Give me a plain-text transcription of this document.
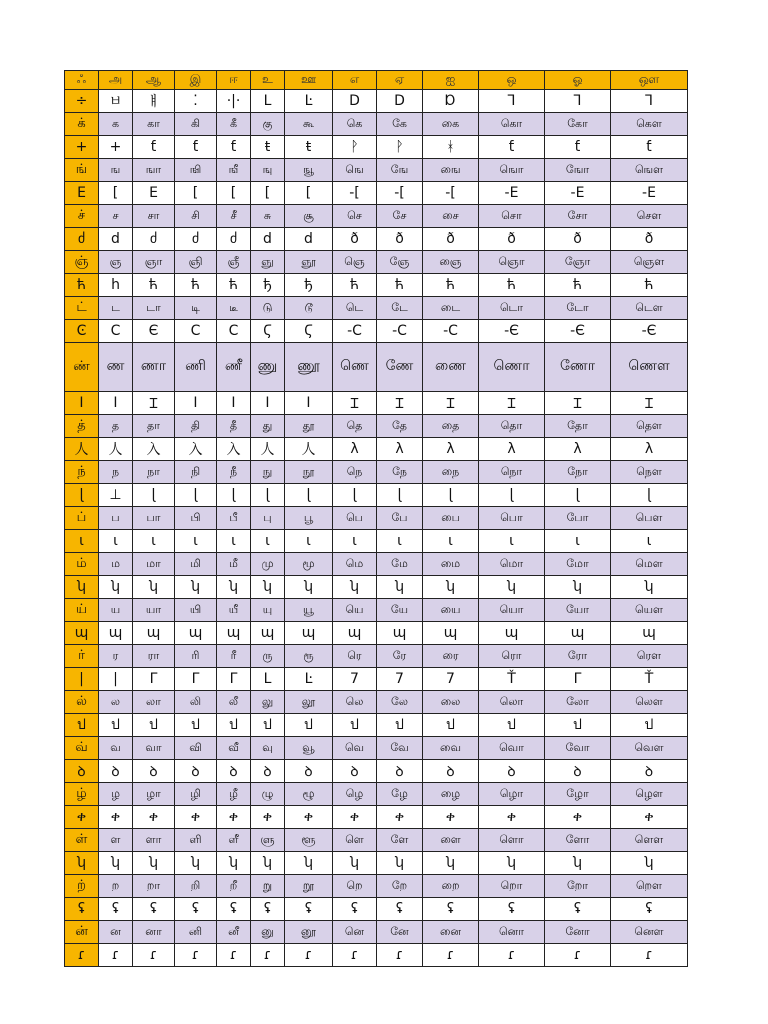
ஃ	அ	ஆ	இ	ஈ	உ	ஊ	எ	ஏ	ஐ	ஒ	ஓ	ஔ
÷	ㅂ	ㅒ	⁚	·|·	L	Ŀ	D	D	Ɒ	Ꞁ	Ꞁ	Ꞁ
க்	க	கா	கி	கீ	கு	கூ	கெ	கே	கை	கொ	கோ	கௌ
+	+	ƭ	ƭ	ƭ	ŧ	ŧ	ᚹ	ᚹ	ᚼ	ƭ	ƭ	ƭ
ங்	ங	ஙா	ஙி	ஙீ	ஙு	ஙூ	ஙெ	ஙே	ஙை	ஙொ	ஙோ	ஙௌ
E	[	E	[	[	[	[	-[	-[	-[	-E	-E	-E
ச்	ச	சா	சி	சீ	சு	சூ	செ	சே	சை	சொ	சோ	சௌ
ძ	d	ძ	ძ	ძ	d	d	ð	ð	ð	ð	ð	ð
ஞ்	ஞ	ஞா	ஞி	ஞீ	ஞு	ஞூ	ஞெ	ஞே	ஞை	ஞொ	ஞோ	ஞௌ
ћ	h	ћ	ћ	ћ	ђ	ђ	ћ	ћ	ћ	ћ	ћ	ћ
ட்	ட	டா	டி	டீ	டு	டூ	டெ	டே	டை	டொ	டோ	டௌ
Ͼ	C	Є	C	C	Ϛ	Ϛ	-C	-C	-C	-Є	-Є	-Є
ண்	ண	ணா	ணி	ணீ	ணு	ணூ	ணெ	ணே	ணை	ணொ	ணோ	ணௌ
Ι	I	Ɪ	I	I	I	I	Ɪ	Ɪ	Ɪ	Ɪ	Ɪ	Ɪ
த்	த	தா	தி	தீ	து	தூ	தெ	தே	தை	தொ	தோ	தௌ
人	人	入	入	入	人	人	λ	λ	λ	λ	λ	λ
ந்	ந	நா	நி	நீ	நு	நூ	நெ	நே	நை	நொ	நோ	நௌ
ɭ	⊥	ɭ	ɭ	ɭ	ɭ	ɭ	ɭ	ɭ	ɭ	ɭ	ɭ	ɭ
ப்	ப	பா	பி	பீ	பு	பூ	பெ	பே	பை	பொ	போ	பௌ
ɩ	ɩ	ɩ	ɩ	ɩ	ɩ	ɩ	ɩ	ɩ	ɩ	ɩ	ɩ	ɩ
ம்	ம	மா	மி	மீ	மு	மூ	மெ	மே	மை	மொ	மோ	மௌ
ʮ	ʮ	ʮ	ʮ	ʮ	ʮ	ʮ	ʮ	ʮ	ʮ	ʮ	ʮ	ʮ
ய்	ய	யா	யி	யீ	யு	யூ	யெ	யே	யை	யொ	யோ	யௌ
ɰ	ɰ	ɰ	ɰ	ɰ	ɰ	ɰ	ɰ	ɰ	ɰ	ɰ	ɰ	ɰ
ர்	ர	ரா	ரி	ரீ	ரு	ரூ	ரெ	ரே	ரை	ரொ	ரோ	ரௌ
|	|	Γ	Γ	Γ	L	Ŀ	7	7	7	Ť	Γ	Ť
ல்	ல	லா	லி	லீ	லு	லூ	லெ	லே	லை	லொ	லோ	லௌ
ป	ป	ป	ป	ป	ป	ป	ป	ป	ป	ป	ป	ป
வ்	வ	வா	வி	வீ	வு	வூ	வெ	வே	வை	வொ	வோ	வௌ
ꝺ	ꝺ	ꝺ	ꝺ	ꝺ	ꝺ	ꝺ	ꝺ	ꝺ	ꝺ	ꝺ	ꝺ	ꝺ
ழ்	ழ	ழா	ழி	ழீ	ழு	ழூ	ழெ	ழே	ழை	ழொ	ழோ	ழௌ
ቀ	ቀ	ቀ	ቀ	ቀ	ቀ	ቀ	ቀ	ቀ	ቀ	ቀ	ቀ	ቀ
ள்	ள	ளா	ளி	ளீ	ளு	ளூ	ளெ	ளே	ளை	ளொ	ளோ	ளௌ
ʮ	ʮ	ʮ	ʮ	ʮ	ʮ	ʮ	ʮ	ʮ	ʮ	ʮ	ʮ	ʮ
ற்	ற	றா	றி	றீ	று	றூ	றெ	றே	றை	றொ	றோ	றௌ
ʢ	ʢ	ʢ	ʢ	ʢ	ʢ	ʢ	ʢ	ʢ	ʢ	ʢ	ʢ	ʢ
ன்	ன	னா	னி	னீ	னு	னூ	னெ	னே	னை	னொ	னோ	னௌ
ɾ	ɾ	ɾ	ɾ	ɾ	ɾ	ɾ	ɾ	ɾ	ɾ	ɾ	ɾ	ɾ
